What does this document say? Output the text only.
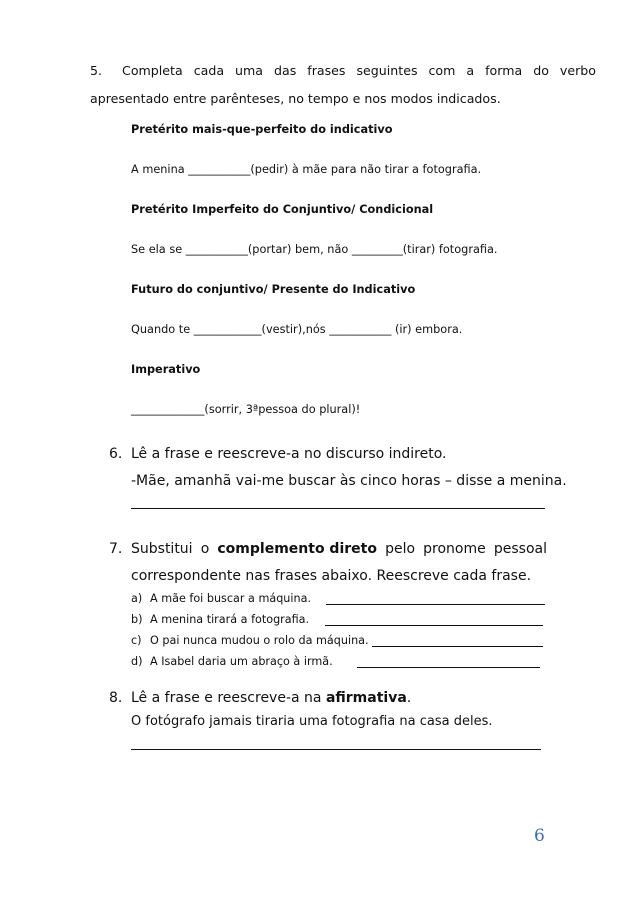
5. Completa cada uma das frases seguintes com a forma do verbo
apresentado entre parênteses, no tempo e nos modos indicados.
Pretérito mais-que-perfeito do indicativo
A menina ___________(pedir) à mãe para não tirar a fotografia.
Pretérito Imperfeito do Conjuntivo/ Condicional
Se ela se ___________(portar) bem, não _________(tirar) fotografia.
Futuro do conjuntivo/ Presente do Indicativo
Quando te ____________(vestir),nós ___________ (ir) embora.
Imperativo
_____________(sorrir, 3ªpessoa do plural)!
6. Lê a frase e reescreve-a no discurso indireto.
-Mãe, amanhã vai-me buscar às cinco horas – disse a menina.
7. Substitui o complemento direto pelo pronome pessoal
correspondente nas frases abaixo. Reescreve cada frase.
a) A mãe foi buscar a máquina.
b) A menina tirará a fotografia.
c) O pai nunca mudou o rolo da máquina.
d) A Isabel daria um abraço à irmã.
8. Lê a frase e reescreve-a na afirmativa.
O fotógrafo jamais tiraria uma fotografia na casa deles.
6
